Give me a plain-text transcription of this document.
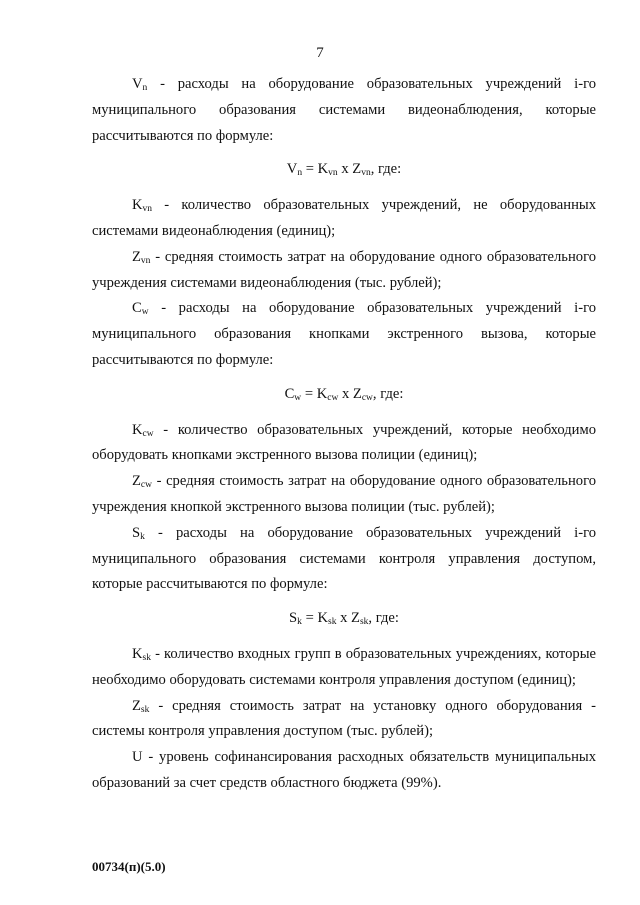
7

$V_n$ - расходы на оборудование образовательных учреждений i-го муниципального образования системами видеонаблюдения, которые рассчитываются по формуле:

$V_n = K_{vn}$ x $Z_{vn}$, где:

$K_{vn}$ - количество образовательных учреждений, не оборудованных системами видеонаблюдения (единиц);

$Z_{vn}$ - средняя стоимость затрат на оборудование одного образовательного учреждения системами видеонаблюдения (тыс. рублей);

$C_w$ - расходы на оборудование образовательных учреждений i-го муниципального образования кнопками экстренного вызова, которые рассчитываются по формуле:

$C_w = K_{cw}$ x $Z_{cw}$, где:

$K_{cw}$ - количество образовательных учреждений, которые необходимо оборудовать кнопками экстренного вызова полиции (единиц);

$Z_{cw}$ - средняя стоимость затрат на оборудование одного образовательного учреждения кнопкой экстренного вызова полиции (тыс. рублей);

$S_k$ - расходы на оборудование образовательных учреждений i-го муниципального образования системами контроля управления доступом, которые рассчитываются по формуле:

$S_k = K_{sk}$ x $Z_{sk}$, где:

$K_{sk}$ - количество входных групп в образовательных учреждениях, которые необходимо оборудовать системами контроля управления доступом (единиц);

$Z_{sk}$ - средняя стоимость затрат на установку одного оборудования - системы контроля управления доступом (тыс. рублей);

U - уровень софинансирования расходных обязательств муниципальных образований за счет средств областного бюджета (99%).

00734(п)(5.0)
